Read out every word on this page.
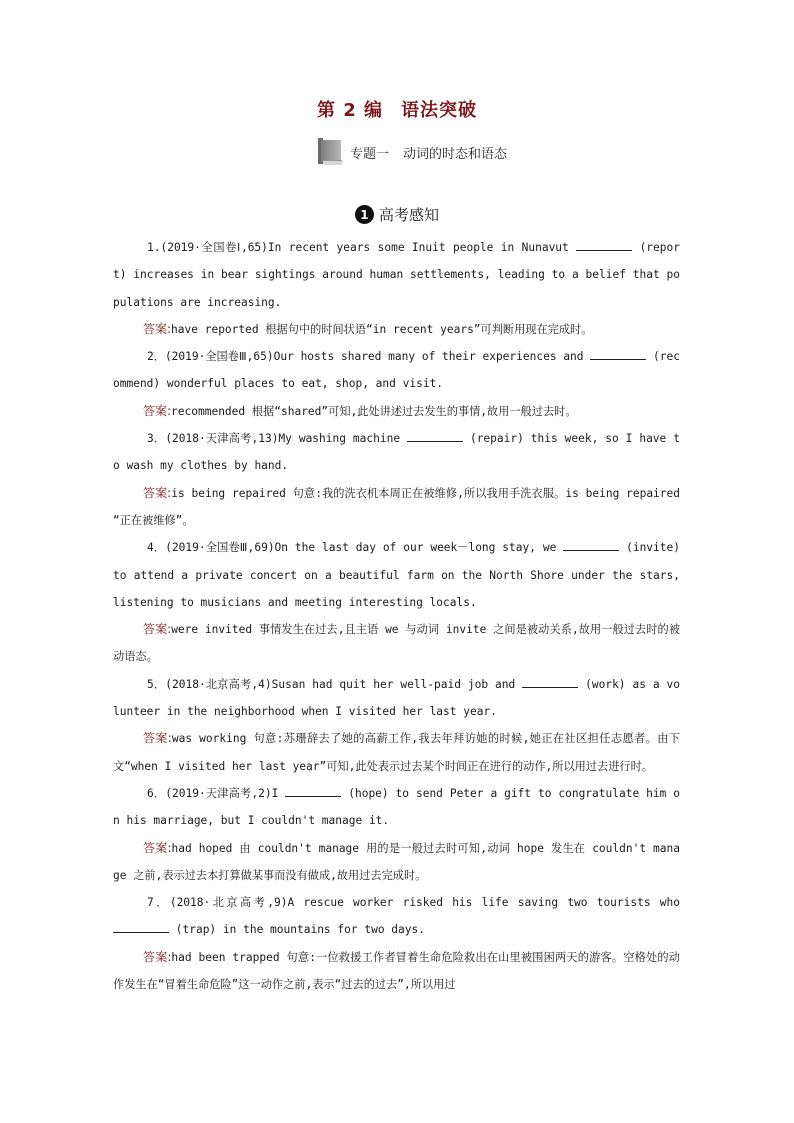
第 2 编 语法突破
专题一 动词的时态和语态
1 高考感知

1.(2019·全国卷Ⅰ,65)In recent years some Inuit people in Nunavut	(report) increases in bear sightings around human settlements, leading to a belief that populations are increasing.

答案:have reported 根据句中的时间状语“in recent years”可判断用现在完成时。

2．(2019·全国卷Ⅲ,65)Our hosts shared many of their experiences and	(recommend) wonderful places to eat, shop, and visit.

答案:recommended 根据“shared”可知,此处讲述过去发生的事情,故用一般过去时。

3．(2018·天津高考,13)My washing machine	(repair) this week, so I have to wash my clothes by hand.

答案:is being repaired 句意:我的洗衣机本周正在被维修,所以我用手洗衣服。is being repaired “正在被维修”。

4．(2019·全国卷Ⅲ,69)On the last day of our week－long stay, we	(invite) to attend a private concert on a beautiful farm on the North Shore under the stars, listening to musicians and meeting interesting locals.

答案:were invited 事情发生在过去,且主语 we 与动词 invite 之间是被动关系,故用一般过去时的被动语态。

5．(2018·北京高考,4)Susan had quit her well-paid job and	(work) as a volunteer in the neighborhood when I visited her last year.

答案:was working 句意:苏珊辞去了她的高薪工作,我去年拜访她的时候,她正在社区担任志愿者。由下文“when I visited her last year”可知,此处表示过去某个时间正在进行的动作,所以用过去进行时。

6．(2019·天津高考,2)I	(hope) to send Peter a gift to congratulate him on his marriage, but I couldn't manage it.

答案:had hoped 由 couldn't manage 用的是一般过去时可知,动词 hope 发生在 couldn't manage 之前,表示过去本打算做某事而没有做成,故用过去完成时。

7．(2018·北京高考,9)A rescue worker risked his life saving two tourists who  (trap) in the mountains for two days.

答案:had been trapped 句意:一位救援工作者冒着生命危险救出在山里被围困两天的游客。空格处的动作发生在“冒着生命危险”这一动作之前,表示“过去的过去”,所以用过
